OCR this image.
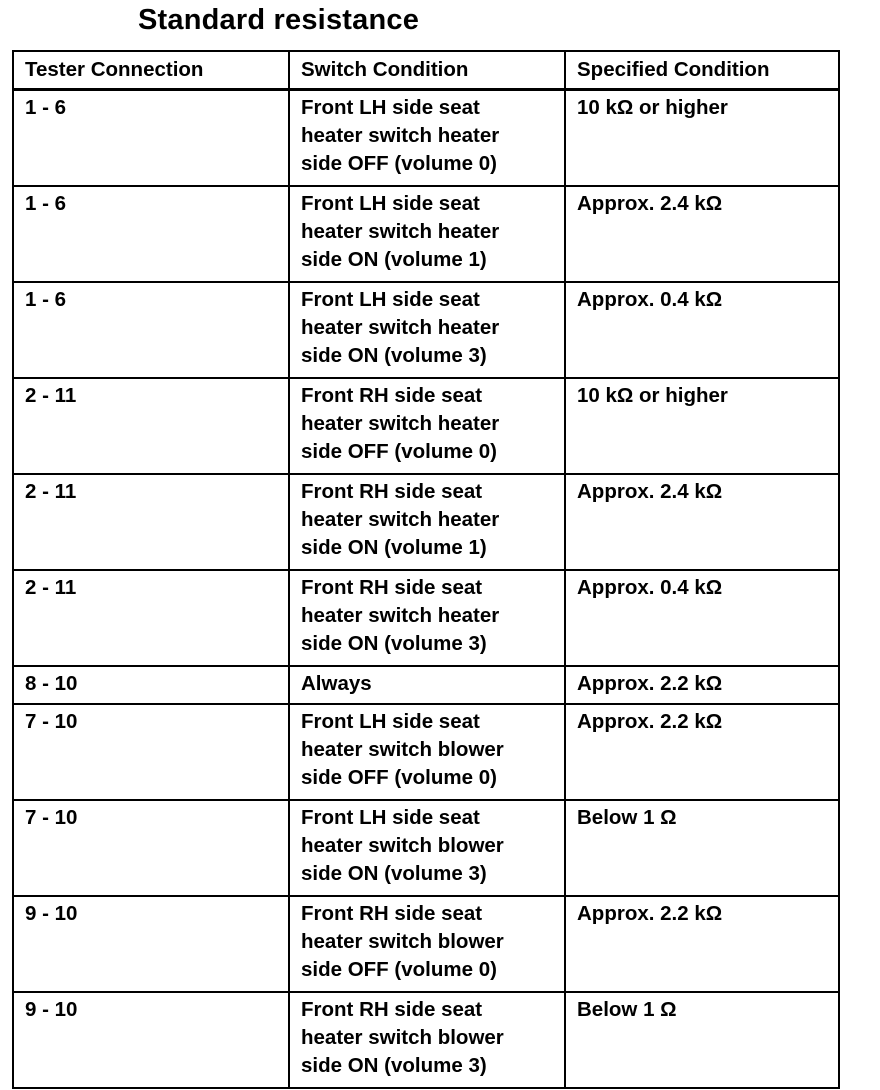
Standard resistance
Tester Connection	Switch Condition	Specified Condition
1 - 6	Front LH side seat
heater switch heater
side OFF (volume 0)	10 kΩ or higher
1 - 6	Front LH side seat
heater switch heater
side ON (volume 1)	Approx. 2.4 kΩ
1 - 6	Front LH side seat
heater switch heater
side ON (volume 3)	Approx. 0.4 kΩ
2 - 11	Front RH side seat
heater switch heater
side OFF (volume 0)	10 kΩ or higher
2 - 11	Front RH side seat
heater switch heater
side ON (volume 1)	Approx. 2.4 kΩ
2 - 11	Front RH side seat
heater switch heater
side ON (volume 3)	Approx. 0.4 kΩ
8 - 10	Always	Approx. 2.2 kΩ
7 - 10	Front LH side seat
heater switch blower
side OFF (volume 0)	Approx. 2.2 kΩ
7 - 10	Front LH side seat
heater switch blower
side ON (volume 3)	Below 1 Ω
9 - 10	Front RH side seat
heater switch blower
side OFF (volume 0)	Approx. 2.2 kΩ
9 - 10	Front RH side seat
heater switch blower
side ON (volume 3)	Below 1 Ω
